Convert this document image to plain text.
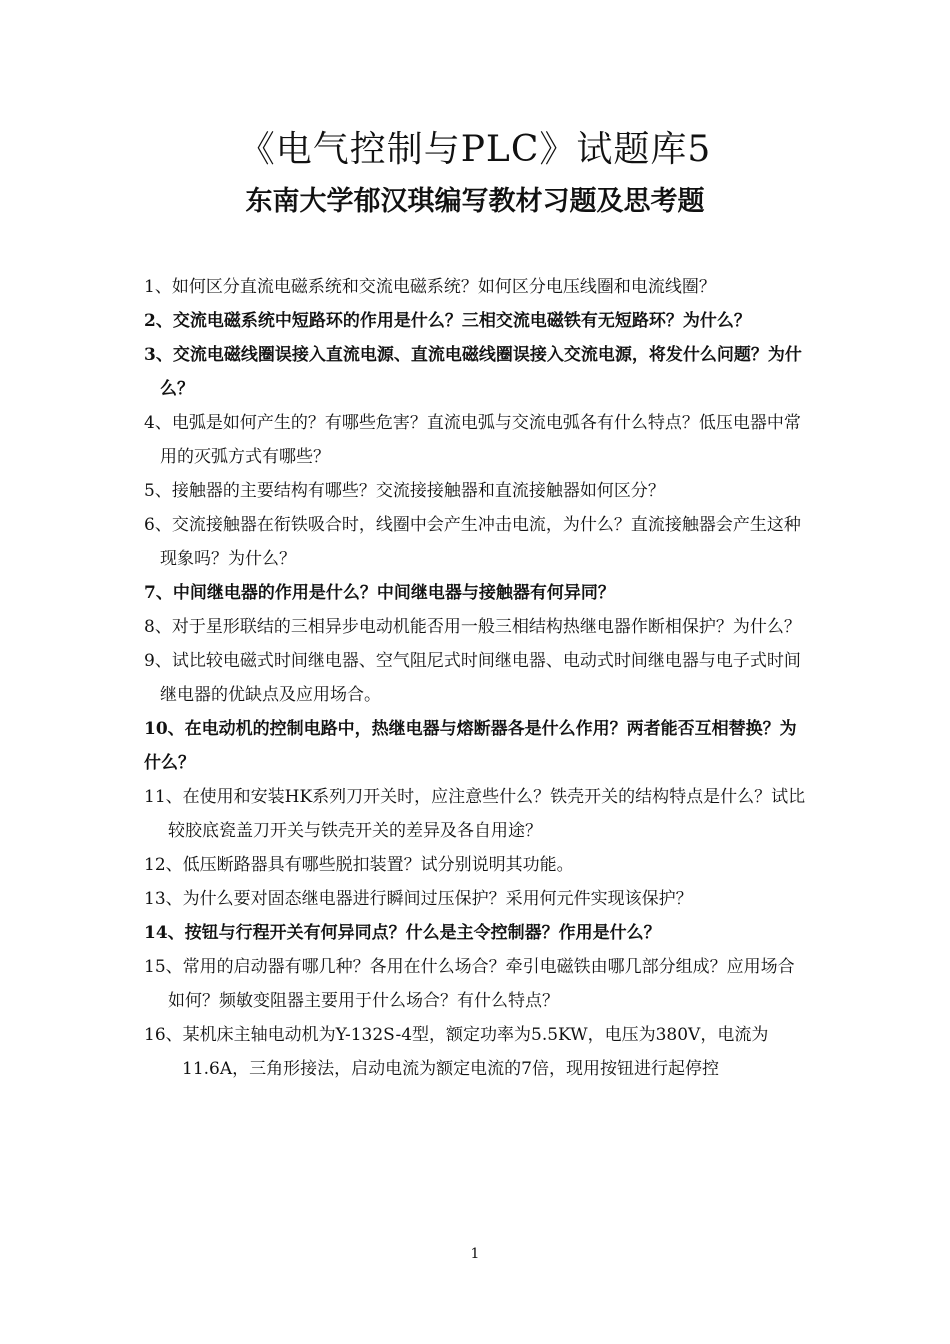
《电气控制与PLC》试题库5
东南大学郁汉琪编写教材习题及思考题

1、如何区分直流电磁系统和交流电磁系统？如何区分电压线圈和电流线圈？

2、交流电磁系统中短路环的作用是什么？三相交流电磁铁有无短路环？为什么？

3、交流电磁线圈误接入直流电源、直流电磁线圈误接入交流电源，将发什么问题？为什么？

4、电弧是如何产生的？有哪些危害？直流电弧与交流电弧各有什么特点？低压电器中常用的灭弧方式有哪些？

5、接触器的主要结构有哪些？交流接接触器和直流接触器如何区分？

6、交流接触器在衔铁吸合时，线圈中会产生冲击电流，为什么？直流接触器会产生这种现象吗？为什么？

7、中间继电器的作用是什么？中间继电器与接触器有何异同？

8、对于星形联结的三相异步电动机能否用一般三相结构热继电器作断相保护？为什么？

9、试比较电磁式时间继电器、空气阻尼式时间继电器、电动式时间继电器与电子式时间继电器的优缺点及应用场合。

10、在电动机的控制电路中，热继电器与熔断器各是什么作用？两者能否互相替换？为什么？

11、在使用和安装HK系列刀开关时，应注意些什么？铁壳开关的结构特点是什么？试比较胶底瓷盖刀开关与铁壳开关的差异及各自用途？

12、低压断路器具有哪些脱扣装置？试分别说明其功能。

13、为什么要对固态继电器进行瞬间过压保护？采用何元件实现该保护？

14、按钮与行程开关有何异同点？什么是主令控制器？作用是什么？

15、常用的启动器有哪几种？各用在什么场合？牵引电磁铁由哪几部分组成？应用场合如何？频敏变阻器主要用于什么场合？有什么特点？

16、某机床主轴电动机为Y-132S-4型，额定功率为5.5KW，电压为380V，电流为11.6A，三角形接法，启动电流为额定电流的7倍，现用按钮进行起停控

1
